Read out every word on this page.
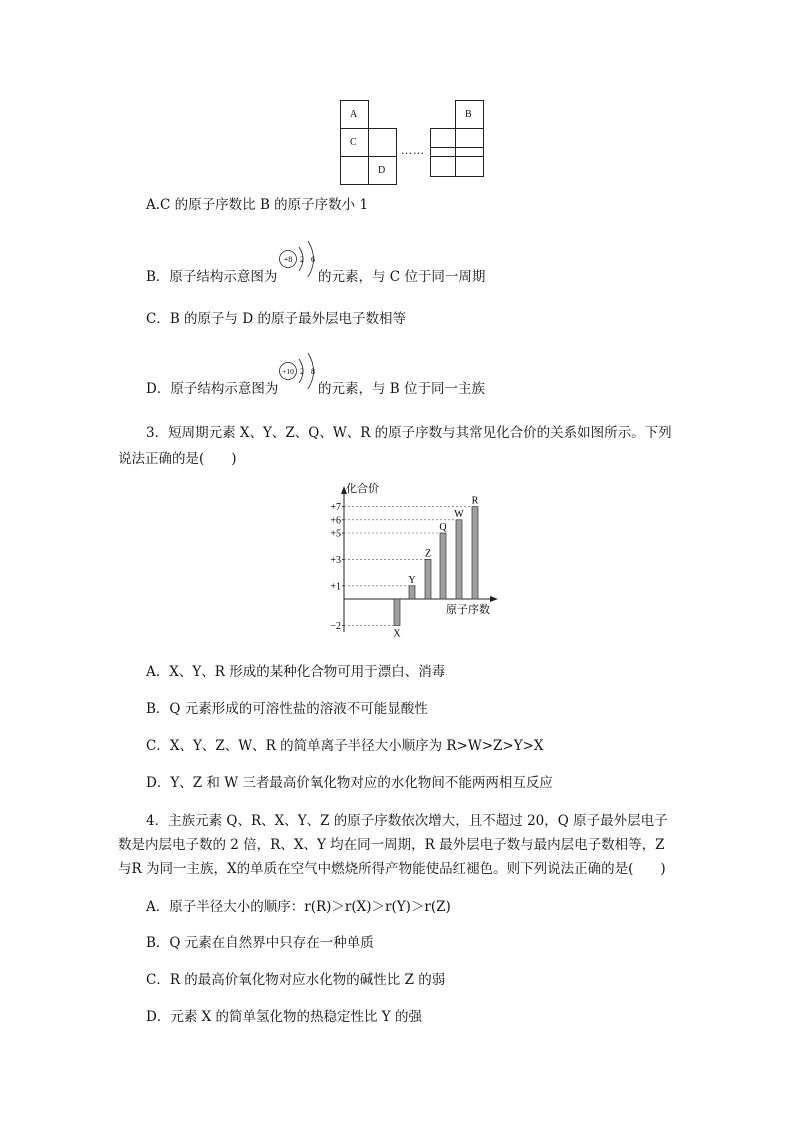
A
C
D
……
B
A.C 的原子序数比 B 的原子序数小 1
B．原子结构示意图为
+8 2 6
的元素，与 C 位于同一周期
C．B 的原子与 D 的原子最外层电子数相等
D．原子结构示意图为
+10 2 8
的元素，与 B 位于同一主族
3．短周期元素 X、Y、Z、Q、W、R 的原子序数与其常见化合价的关系如图所示。下列
说法正确的是(　　)
化合价
原子序数
X
Y
Z
Q
W
R
+7
+6
+5
+3
+1
−2
A．X、Y、R 形成的某种化合物可用于漂白、消毒
B．Q 元素形成的可溶性盐的溶液不可能显酸性
C．X、Y、Z、W、R 的简单离子半径大小顺序为 R>W>Z>Y>X
D．Y、Z 和 W 三者最高价氧化物对应的水化物间不能两两相互反应
4．主族元素 Q、R、X、Y、Z 的原子序数依次增大，且不超过 20，Q 原子最外层电子
数是内层电子数的 2 倍，R、X、Y 均在同一周期，R 最外层电子数与最内层电子数相等，Z
与R 为同一主族，X的单质在空气中燃烧所得产物能使品红褪色。则下列说法正确的是(　　)
A．原子半径大小的顺序：r(R)＞r(X)＞r(Y)＞r(Z)
B．Q 元素在自然界中只存在一种单质
C．R 的最高价氧化物对应水化物的碱性比 Z 的弱
D．元素 X 的简单氢化物的热稳定性比 Y 的强
